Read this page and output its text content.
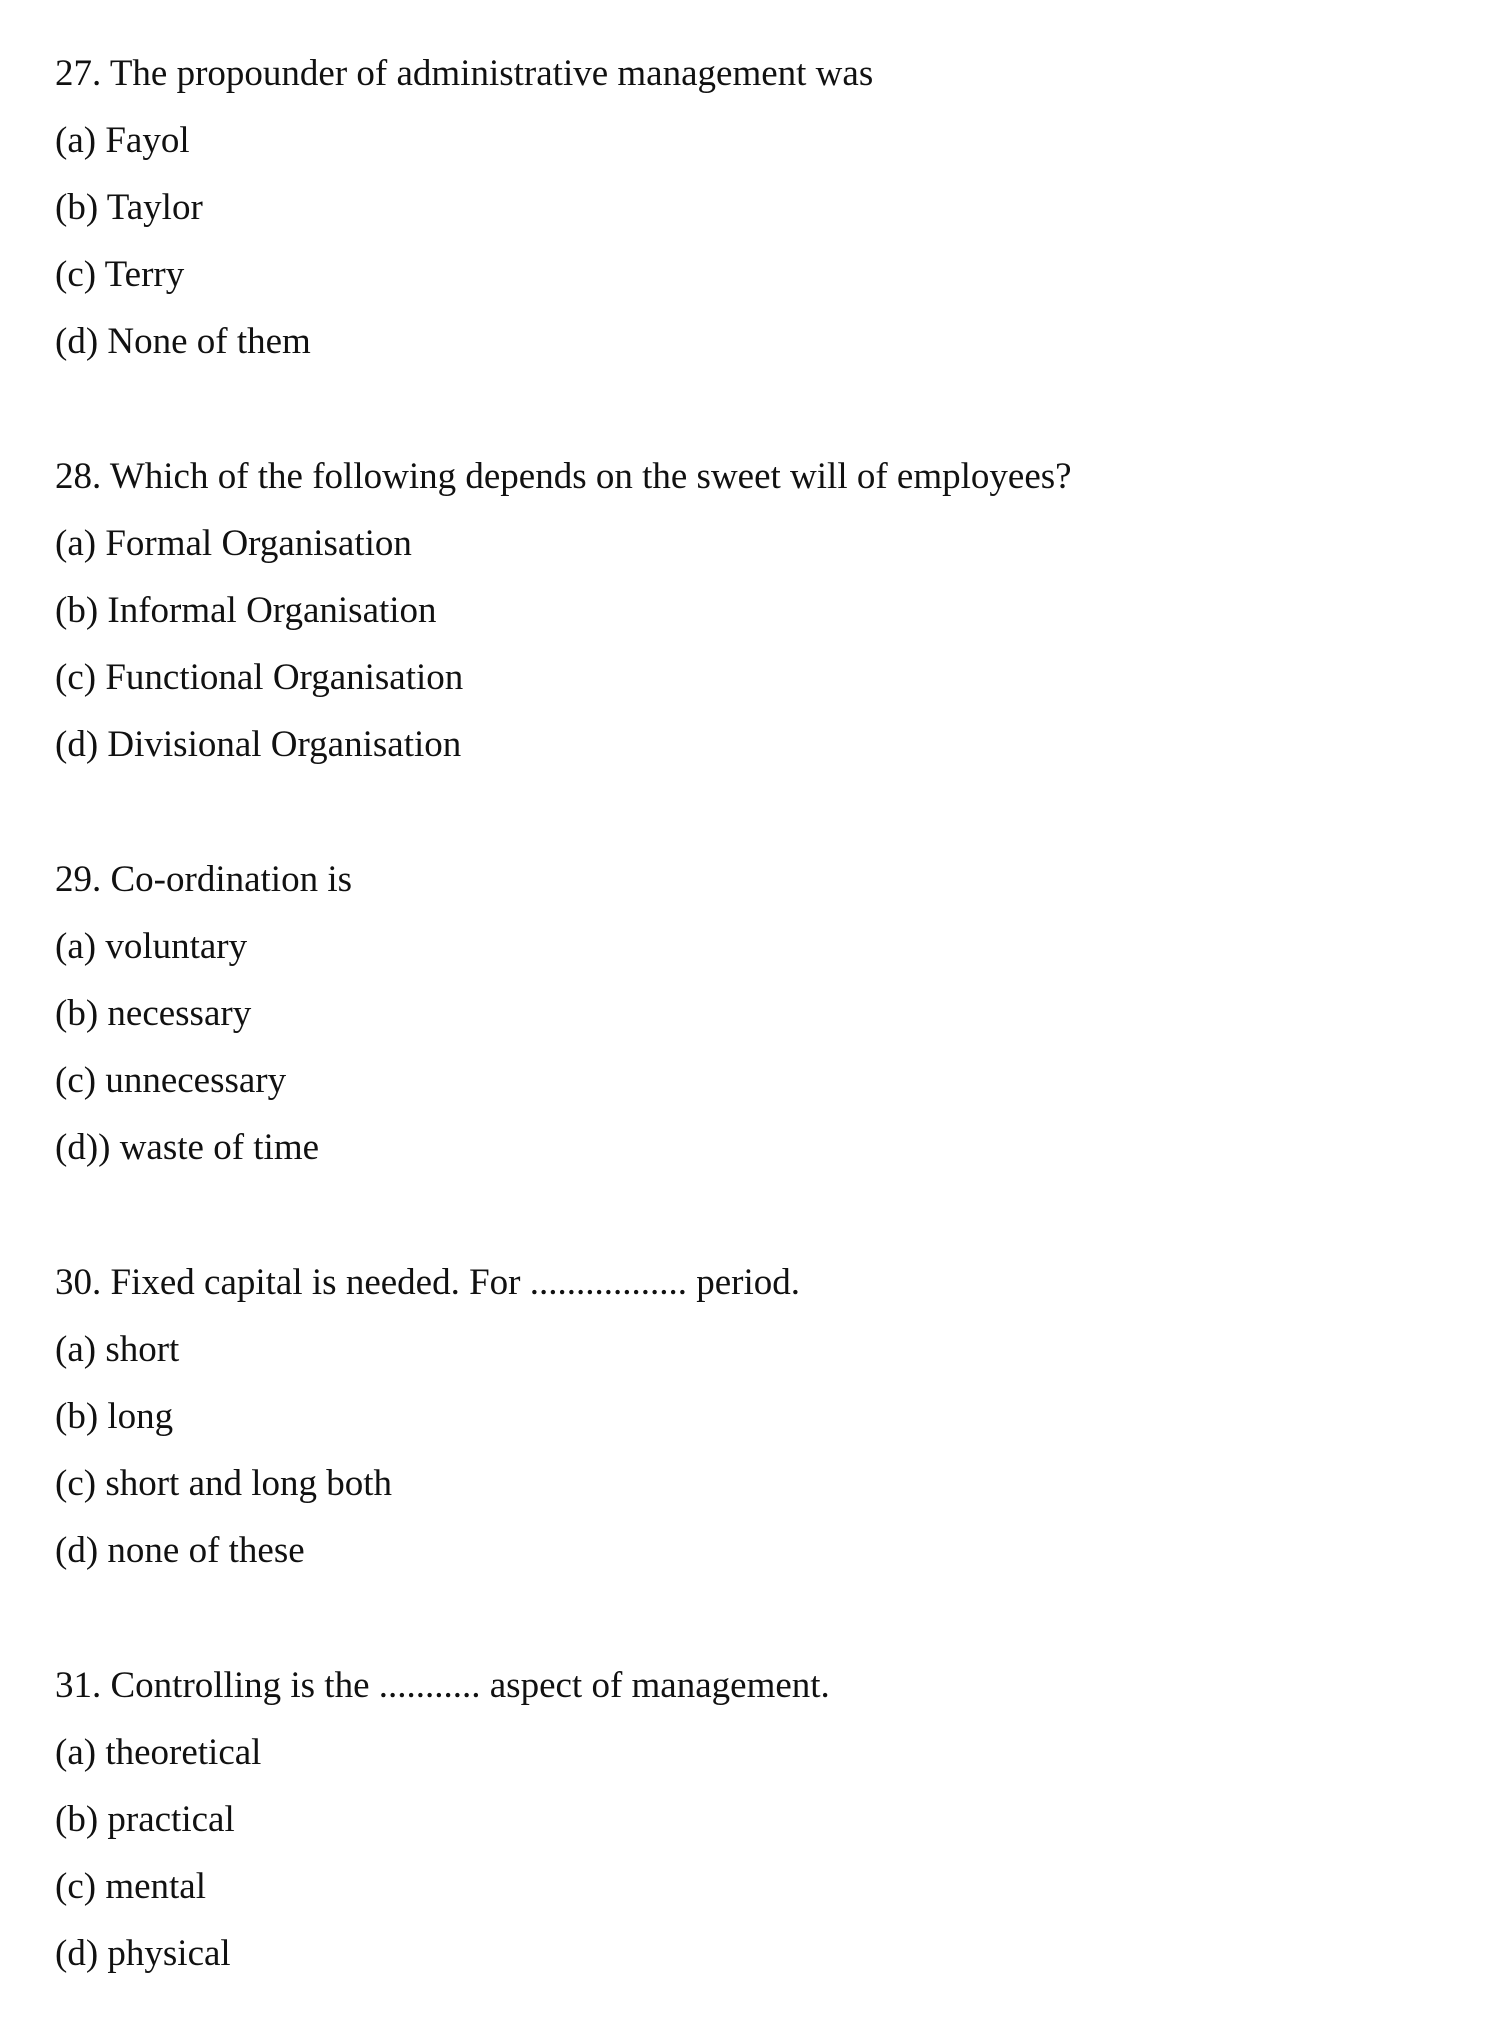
27. The propounder of administrative management was
(a) Fayol
(b) Taylor
(c) Terry
(d) None of them
28. Which of the following depends on the sweet will of employees?
(a) Formal Organisation
(b) Informal Organisation
(c) Functional Organisation
(d) Divisional Organisation
29. Co-ordination is
(a) voluntary
(b) necessary
(c) unnecessary
(d)) waste of time
30. Fixed capital is needed. For ................. period.
(a) short
(b) long
(c) short and long both
(d) none of these
31. Controlling is the ........... aspect of management.
(a) theoretical
(b) practical
(c) mental
(d) physical
